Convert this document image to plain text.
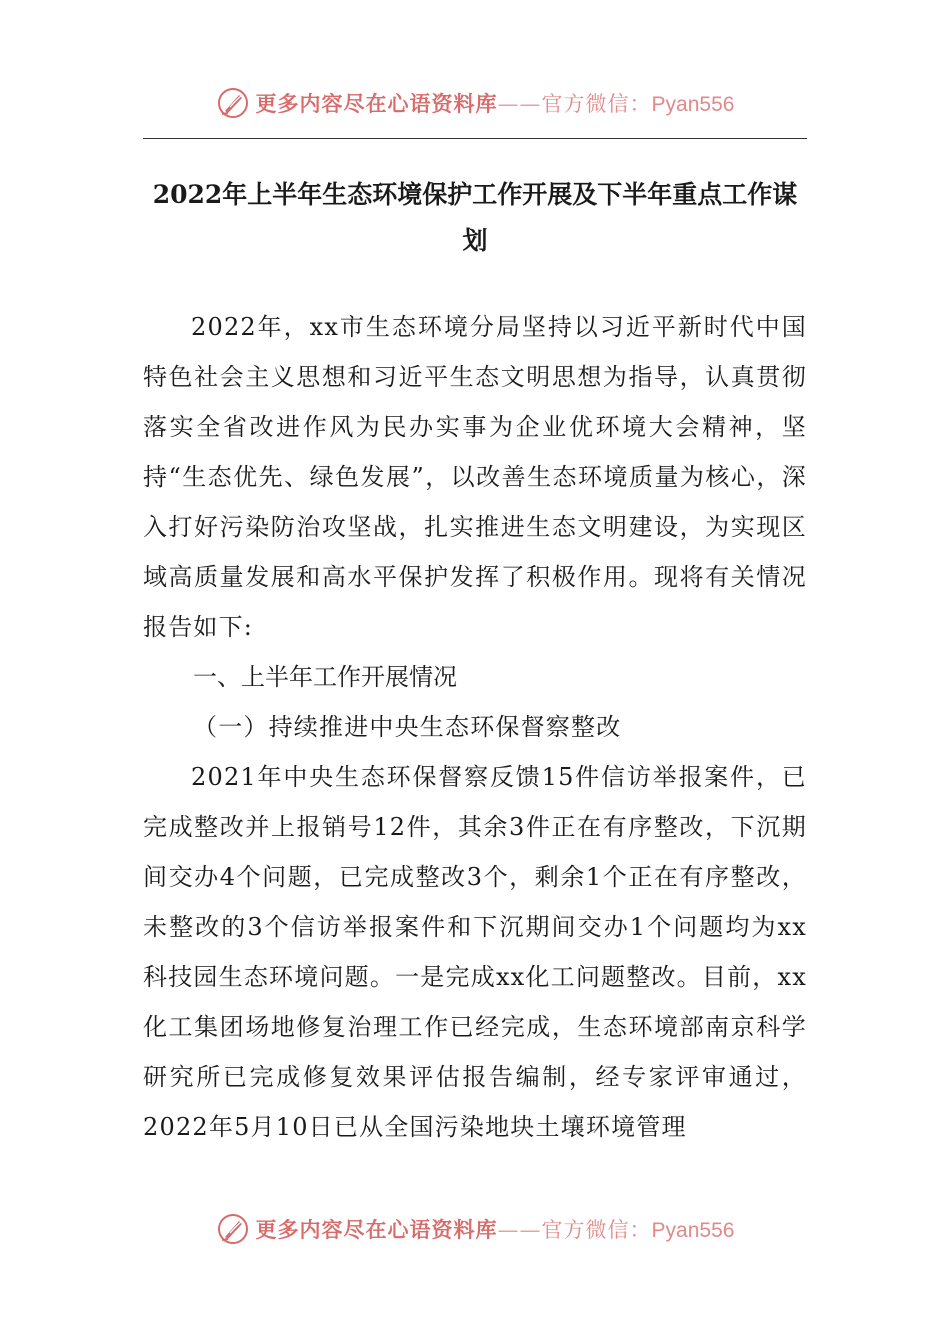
更多内容尽在心语资料库——官方微信：Pyan556
2022年上半年生态环境保护工作开展及下半年重点工作谋划

2022年，xx市生态环境分局坚持以习近平新时代中国特色社会主义思想和习近平生态文明思想为指导，认真贯彻落实全省改进作风为民办实事为企业优环境大会精神，坚持“生态优先、绿色发展”，以改善生态环境质量为核心，深入打好污染防治攻坚战，扎实推进生态文明建设，为实现区域高质量发展和高水平保护发挥了积极作用。现将有关情况报告如下:

一、上半年工作开展情况
（一）持续推进中央生态环保督察整改

2021年中央生态环保督察反馈15件信访举报案件，已完成整改并上报销号12件，其余3件正在有序整改，下沉期间交办4个问题，已完成整改3个，剩余1个正在有序整改，未整改的3个信访举报案件和下沉期间交办1个问题均为xx科技园生态环境问题。一是完成xx化工问题整改。目前，xx化工集团场地修复治理工作已经完成，生态环境部南京科学研究所已完成修复效果评估报告编制，经专家评审通过，2022年5月10日已从全国污染地块土壤环境管理

更多内容尽在心语资料库——官方微信：Pyan556
